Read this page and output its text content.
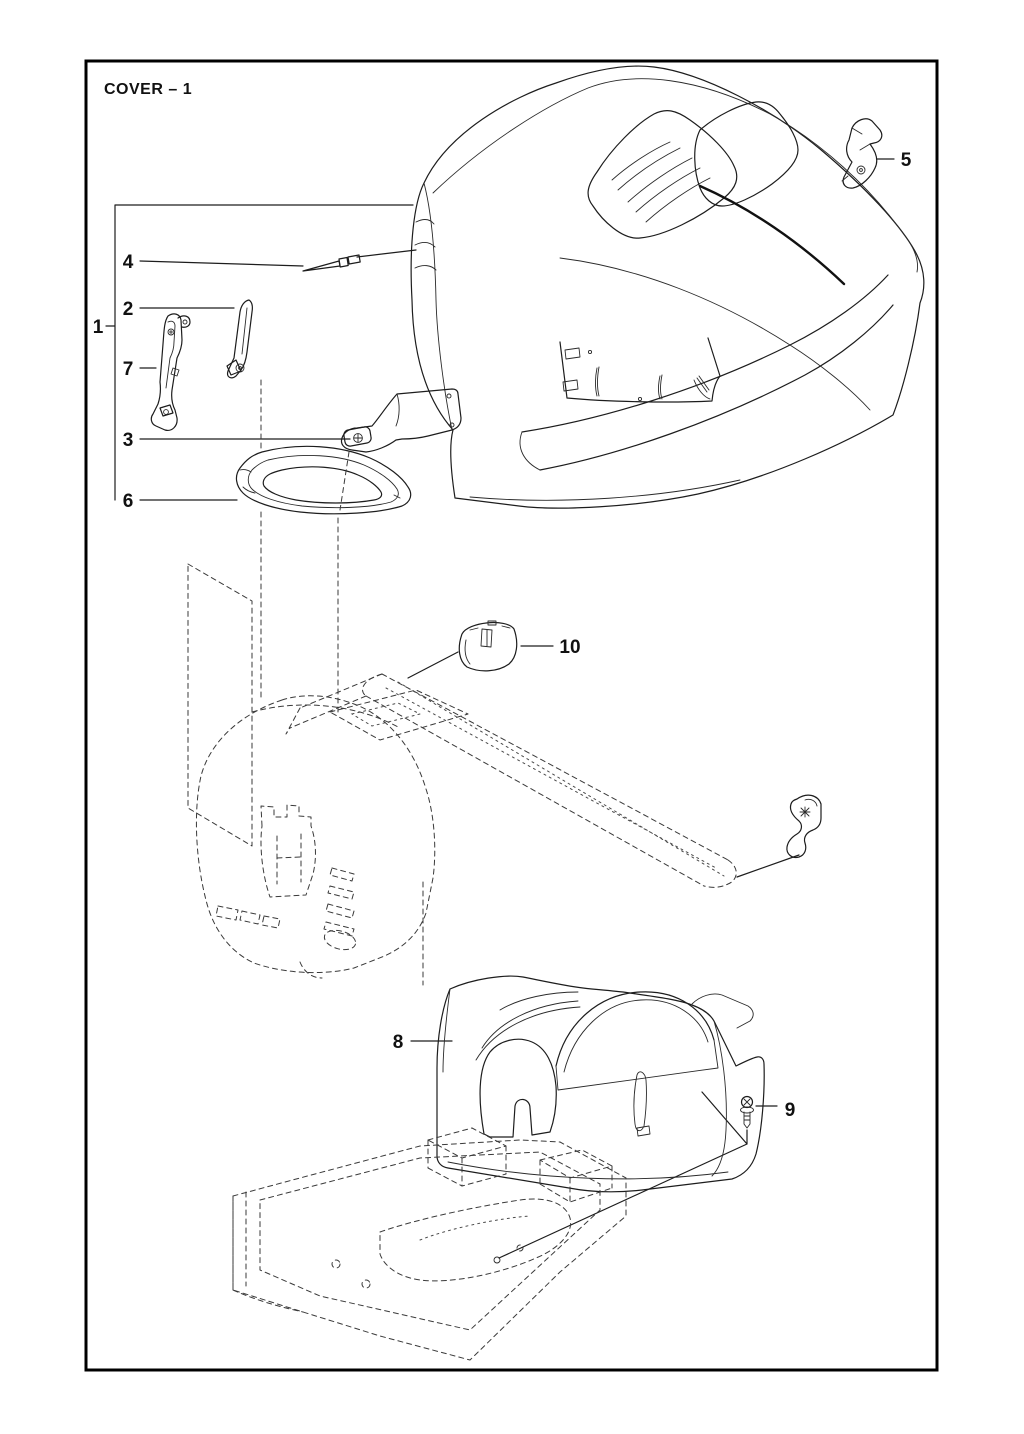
COVER – 1
1
2
3
4
5
6
7
8
9
10
